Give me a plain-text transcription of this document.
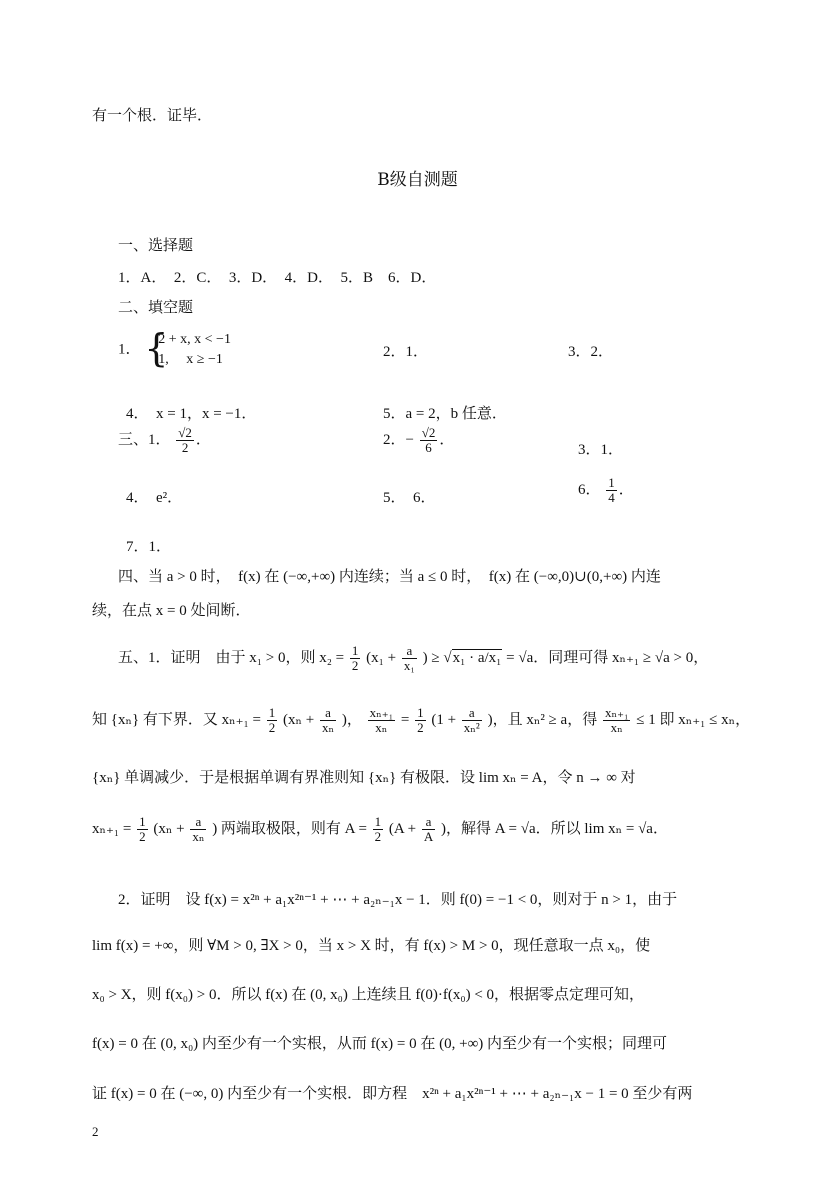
有一个根．证毕．
B级自测题
一、选择题
1．A．　2．C．　3．D．　4．D．　5．B　6．D．
二、填空题
1． {
2 + x, x < −1
1,　 x ≥ −1	2．1．	3．2．
4．　x = 1，x = −1．	5．a = 2，b 任意．
三、1． $\frac{√2}{2}$ ．	2．− $\frac{√2}{6}$ ．
3．1．
4．　e²．	5．　6．	6． $\frac{1}{4}$ ．
7．1．
四、当 a > 0 时，　f(x) 在 (−∞,+∞) 内连续；当 a ≤ 0 时，　f(x) 在 (−∞,0)∪(0,+∞) 内连
续，在点 x = 0 处间断．
五、1．证明　由于 x₁ > 0，则 $x_2 = \frac{1}{2} (x_1 + \frac{a}{\text{x₁}}$ ) ≥ √x₁ · a/x₁ = √a．同理可得 xₙ₊₁ ≥ √a > 0，
知 {xₙ} 有下界．又 $x_{n+1} = \frac{1}{2} (x_n + \frac{a}{\text{xₙ}}$ )， $\frac{\text{xₙ₊₁}}{\text{xₙ}} = \frac{1}{2} (1 + \frac{a}{\text{xₙ²}}$ )，且 xₙ² ≥ a，得 $\frac{\text{xₙ₊₁}}{\text{xₙ}} \le 1$ 即 xₙ₊₁ ≤ xₙ，
{xₙ} 单调减少．于是根据单调有界准则知 {xₙ} 有极限．设 lim xₙ = A，令 n → ∞ 对
$x_{n+1} = \frac{1}{2} (x_n + \frac{a}{\text{xₙ}}$ ) 两端取极限，则有 $A = \frac{1}{2} (A + \frac{a}{A}$ )，解得 A = √a．所以 lim xₙ = √a．
2．证明　设 f(x) = x²ⁿ + a₁x²ⁿ⁻¹ + ⋯ + a₂ₙ₋₁x − 1．则 f(0) = −1 < 0，则对于 n > 1，由于
lim f(x) = +∞，则 ∀M > 0, ∃X > 0，当 x > X 时，有 f(x) > M > 0，现任意取一点 x₀，使
x₀ > X，则 f(x₀) > 0．所以 f(x) 在 (0, x₀) 上连续且 f(0)·f(x₀) < 0，根据零点定理可知，
f(x) = 0 在 (0, x₀) 内至少有一个实根，从而 f(x) = 0 在 (0, +∞) 内至少有一个实根；同理可
证 f(x) = 0 在 (−∞, 0) 内至少有一个实根．即方程　x²ⁿ + a₁x²ⁿ⁻¹ + ⋯ + a₂ₙ₋₁x − 1 = 0 至少有两
2
